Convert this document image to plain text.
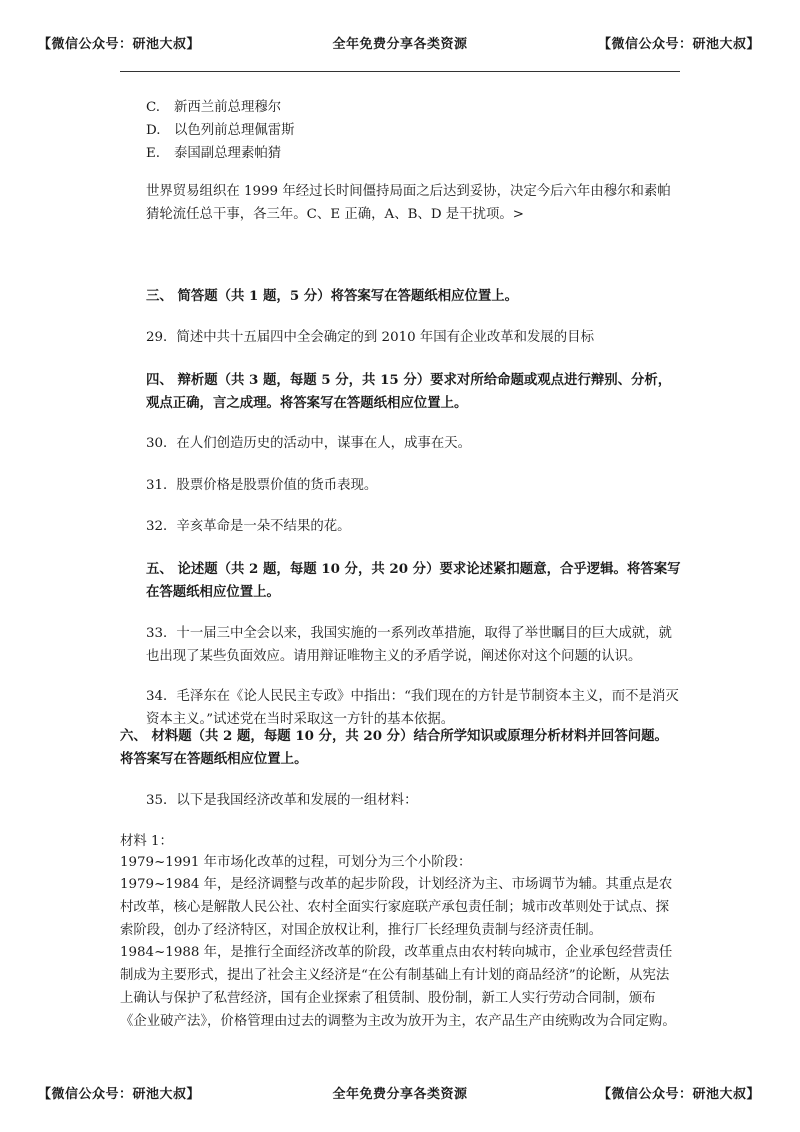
【微信公众号：研池大叔】	全年免费分享各类资源	【微信公众号：研池大叔】
C. 新西兰前总理穆尔
D. 以色列前总理佩雷斯
E. 泰国副总理素帕猜

世界贸易组织在 1999 年经过长时间僵持局面之后达到妥协，决定今后六年由穆尔和素帕猜轮流任总干事，各三年。C、E 正确，A、B、D 是干扰项。>

三、 简答题（共 1 题，5 分）将答案写在答题纸相应位置上。

29．简述中共十五届四中全会确定的到 2010 年国有企业改革和发展的目标

四、 辩析题（共 3 题，每题 5 分，共 15 分）要求对所给命题或观点进行辩别、分析，观点正确，言之成理。将答案写在答题纸相应位置上。

30．在人们创造历史的活动中，谋事在人，成事在天。

31．股票价格是股票价值的货币表现。

32．辛亥革命是一朵不结果的花。

五、 论述题（共 2 题，每题 10 分，共 20 分）要求论述紧扣题意，合乎逻辑。将答案写在答题纸相应位置上。

33．十一届三中全会以来，我国实施的一系列改革措施，取得了举世瞩目的巨大成就，就也出现了某些负面效应。请用辩证唯物主义的矛盾学说，阐述你对这个问题的认识。

34．毛泽东在《论人民民主专政》中指出：“我们现在的方针是节制资本主义，而不是消灭资本主义。”试述党在当时采取这一方针的基本依据。

六、 材料题（共 2 题，每题 10 分，共 20 分）结合所学知识或原理分析材料并回答问题。将答案写在答题纸相应位置上。

35．以下是我国经济改革和发展的一组材料：

材料 1：

1979~1991 年市场化改革的过程，可划分为三个小阶段：

1979~1984 年，是经济调整与改革的起步阶段，计划经济为主、市场调节为辅。其重点是农村改革，核心是解散人民公社、农村全面实行家庭联产承包责任制；城市改革则处于试点、探索阶段，创办了经济特区，对国企放权让利，推行厂长经理负责制与经济责任制。

1984~1988 年，是推行全面经济改革的阶段，改革重点由农村转向城市，企业承包经营责任制成为主要形式，提出了社会主义经济是“在公有制基础上有计划的商品经济”的论断，从宪法上确认与保护了私营经济，国有企业探索了租赁制、股份制，新工人实行劳动合同制，颁布《企业破产法》，价格管理由过去的调整为主改为放开为主，农产品生产由统购改为合同定购。

【微信公众号：研池大叔】	全年免费分享各类资源	【微信公众号：研池大叔】
